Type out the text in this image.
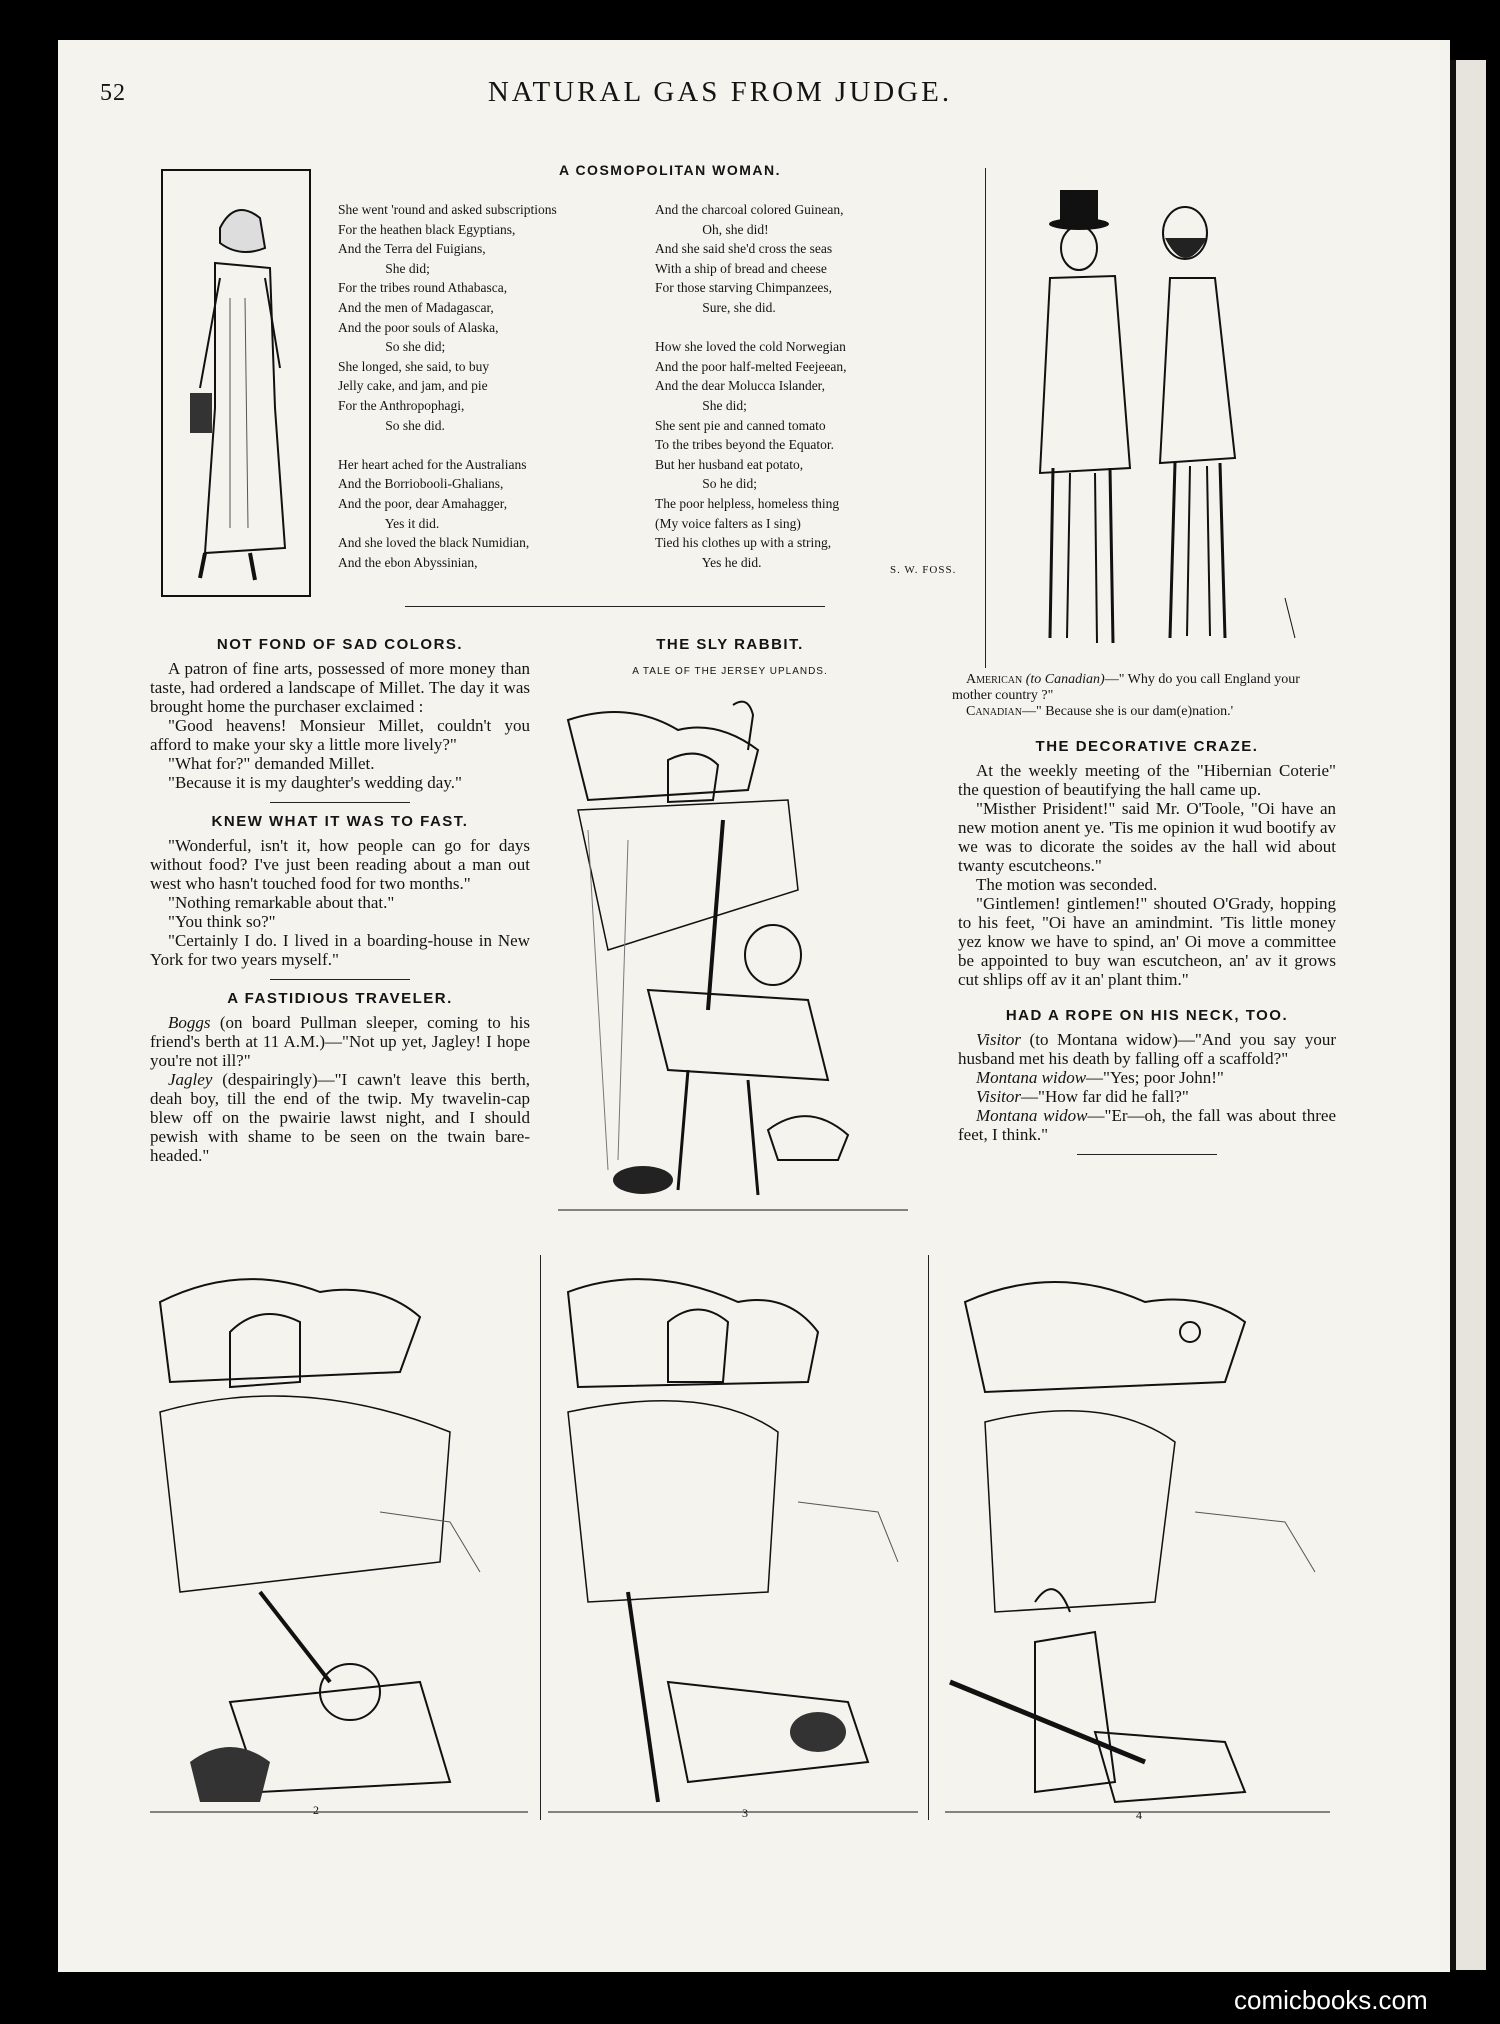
52	NATURAL GAS FROM JUDGE.
A COSMOPOLITAN WOMAN.
She went 'round and asked subscriptions
For the heathen black Egyptians,
And the Terra del Fuigians,
She did;
For the tribes round Athabasca,
And the men of Madagascar,
And the poor souls of Alaska,
So she did;
She longed, she said, to buy
Jelly cake, and jam, and pie
For the Anthropophagi,
So she did.

Her heart ached for the Australians
And the Borriobooli-Ghalians,
And the poor, dear Amahagger,
Yes it did.
And she loved the black Numidian,
And the ebon Abyssinian,
And the charcoal colored Guinean,
Oh, she did!
And she said she'd cross the seas
With a ship of bread and cheese
For those starving Chimpanzees,
Sure, she did.

How she loved the cold Norwegian
And the poor half-melted Feejeean,
And the dear Molucca Islander,
She did;
She sent pie and canned tomato
To the tribes beyond the Equator.
But her husband eat potato,
So he did;
The poor helpless, homeless thing
(My voice falters as I sing)
Tied his clothes up with a string,
Yes he did.
S. W. FOSS.
American (to Canadian)—" Why do you call England your mother country ?"
Canadian—" Because she is our dam(e)nation.'
NOT FOND OF SAD COLORS.

A patron of fine arts, possessed of more money than taste, had ordered a landscape of Millet. The day it was brought home the purchaser exclaimed :

"Good heavens! Monsieur Millet, couldn't you afford to make your sky a little more lively?"

"What for?" demanded Millet.

"Because it is my daughter's wedding day."

KNEW WHAT IT WAS TO FAST.

"Wonderful, isn't it, how people can go for days without food? I've just been reading about a man out west who hasn't touched food for two months."

"Nothing remarkable about that."

"You think so?"

"Certainly I do. I lived in a boarding-house in New York for two years myself."

A FASTIDIOUS TRAVELER.

Boggs (on board Pullman sleeper, coming to his friend's berth at 11 A.M.)—"Not up yet, Jagley! I hope you're not ill?"

Jagley (despairingly)—"I cawn't leave this berth, deah boy, till the end of the twip. My twavelin-cap blew off on the pwairie lawst night, and I should pewish with shame to be seen on the twain bare-headed."

THE SLY RABBIT.
A TALE OF THE JERSEY UPLANDS.
THE DECORATIVE CRAZE.

At the weekly meeting of the "Hibernian Coterie" the question of beautifying the hall came up.

"Misther Prisident!" said Mr. O'Toole, "Oi have an new motion anent ye. 'Tis me opinion it wud bootify av we was to dicorate the soides av the hall wid about twanty escutcheons."

The motion was seconded.

"Gintlemen! gintlemen!" shouted O'Grady, hopping to his feet, "Oi have an amindmint. 'Tis little money yez know we have to spind, an' Oi move a committee be appointed to buy wan escutcheon, an' av it grows cut shlips off av it an' plant thim."

HAD A ROPE ON HIS NECK, TOO.

Visitor (to Montana widow)—"And you say your husband met his death by falling off a scaffold?"

Montana widow—"Yes; poor John!"

Visitor—"How far did he fall?"

Montana widow—"Er—oh, the fall was about three feet, I think."

2	3	4
comicbooks.com
